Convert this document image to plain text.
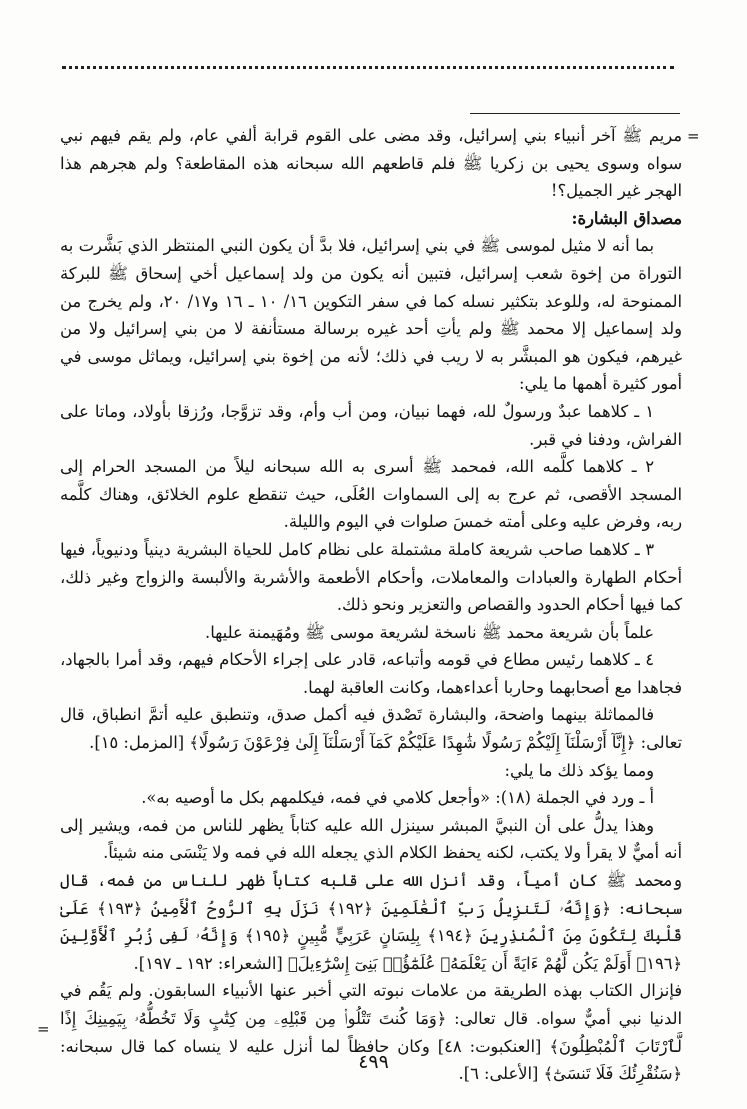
=
=

مريم ﷺ آخر أنبياء بني إسرائيل، وقد مضى على القوم قرابة ألفي عام، ولم يقم فيهم نبي سواه وسوى يحيى بن زكريا ﷺ فلم قاطعهم الله سبحانه هذه المقاطعة؟ ولم هجرهم هذا الهجر غير الجميل؟!

مصداق البشارة:

بما أنه لا مثيل لموسى ﷺ في بني إسرائيل، فلا بدَّ أن يكون النبي المنتظر الذي بَشَّرت به التوراة من إخوة شعب إسرائيل، فتبين أنه يكون من ولد إسماعيل أخي إسحاق ﷺ للبركة الممنوحة له، وللوعد بتكثير نسله كما في سفر التكوين ١٦/ ١٠ ـ ١٦ و١٧/ ٢٠، ولم يخرج من ولد إسماعيل إلا محمد ﷺ ولم يأتِ أحد غيره برسالة مستأنفة لا من بني إسرائيل ولا من غيرهم، فيكون هو المبشَّر به لا ريب في ذلك؛ لأنه من إخوة بني إسرائيل، ويماثل موسى في أمور كثيرة أهمها ما يلي:

١ ـ كلاهما عبدٌ ورسولٌ لله، فهما نبيان، ومن أب وأم، وقد تزوَّجا، ورُزقا بأولاد، وماتا على الفراش، ودفنا في قبر.

٢ ـ كلاهما كلَّمه الله، فمحمد ﷺ أسرى به الله سبحانه ليلاً من المسجد الحرام إلى المسجد الأقصى، ثم عرج به إلى السماوات العُلَى، حيث تنقطع علوم الخلائق، وهناك كلَّمه ربه، وفرض عليه وعلى أمته خمسَ صلوات في اليوم والليلة.

٣ ـ كلاهما صاحب شريعة كاملة مشتملة على نظام كامل للحياة البشرية دينياً ودنيوياً، فيها أحكام الطهارة والعبادات والمعاملات، وأحكام الأطعمة والأشربة والألبسة والزواج وغير ذلك، كما فيها أحكام الحدود والقصاص والتعزير ونحو ذلك.

علماً بأن شريعة محمد ﷺ ناسخة لشريعة موسى ﷺ ومُهَيمنة عليها.

٤ ـ كلاهما رئيس مطاع في قومه وأتباعه، قادر على إجراء الأحكام فيهم، وقد أمرا بالجهاد، فجاهدا مع أصحابهما وحاربا أعداءهما، وكانت العاقبة لهما.

فالمماثلة بينهما واضحة، والبشارة تَصْدق فيه أكمل صدق، وتنطبق عليه أتمَّ انطباق، قال تعالى: ﴿إِنَّآ أَرْسَلْنَآ إِلَيْكُمْ رَسُولًا شَٰهِدًا عَلَيْكُمْ كَمَآ أَرْسَلْنَآ إِلَىٰ فِرْعَوْنَ رَسُولًا﴾ [المزمل: ١٥].

ومما يؤكد ذلك ما يلي:

أ ـ ورد في الجملة (١٨): «وأجعل كلامي في فمه، فيكلمهم بكل ما أوصيه به».

وهذا يدلُّ على أن النبيَّ المبشر سينزل الله عليه كتاباً يظهر للناس من فمه، ويشير إلى أنه أميٌّ لا يقرأ ولا يكتب، لكنه يحفظ الكلام الذي يجعله الله في فمه ولا يَنْسَى منه شيئاً.

ومحمد ﷺ كان أمياً، وقد أنزل الله على قلبه كتاباً ظهر للناس من فمه، قال سبحانه: ﴿وَإِنَّهُۥ لَتَنزِيلُ رَبِّ ٱلْعَٰلَمِينَ ﴿١٩٢﴾ نَزَلَ بِهِ ٱلرُّوحُ ٱلْأَمِينُ ﴿١٩٣﴾ عَلَىٰ قَلْبِكَ لِتَكُونَ مِنَ ٱلْمُنذِرِينَ ﴿١٩٤﴾ بِلِسَانٍ عَرَبِيٍّ مُّبِينٍ ﴿١٩٥﴾ وَإِنَّهُۥ لَفِى زُبُرِ ٱلْأَوَّلِينَ ﴿١٩٦﴾ أَوَلَمْ يَكُن لَّهُمْ ءَايَةً أَن يَعْلَمَهُۥ عُلَمَٰٓؤُا۟ بَنِىٓ إِسْرَٰٓءِيلَ﴾ [الشعراء: ١٩٢ ـ ١٩٧].

فإنزال الكتاب بهذه الطريقة من علامات نبوته التي أخبر عنها الأنبياء السابقون. ولم يَقُم في الدنيا نبي أميٌّ سواه. قال تعالى: ﴿وَمَا كُنتَ تَتْلُوا۟ مِن قَبْلِهِۦ مِن كِتَٰبٍ وَلَا تَخُطُّهُۥ بِيَمِينِكَ إِذًا لَّٱرْتَابَ ٱلْمُبْطِلُونَ﴾ [العنكبوت: ٤٨] وكان حافظاً لما أنزل عليه لا ينساه كما قال سبحانه: ﴿سَنُقْرِئُكَ فَلَا تَنسَىٰٓ﴾ [الأعلى: ٦].

٤٩٩
